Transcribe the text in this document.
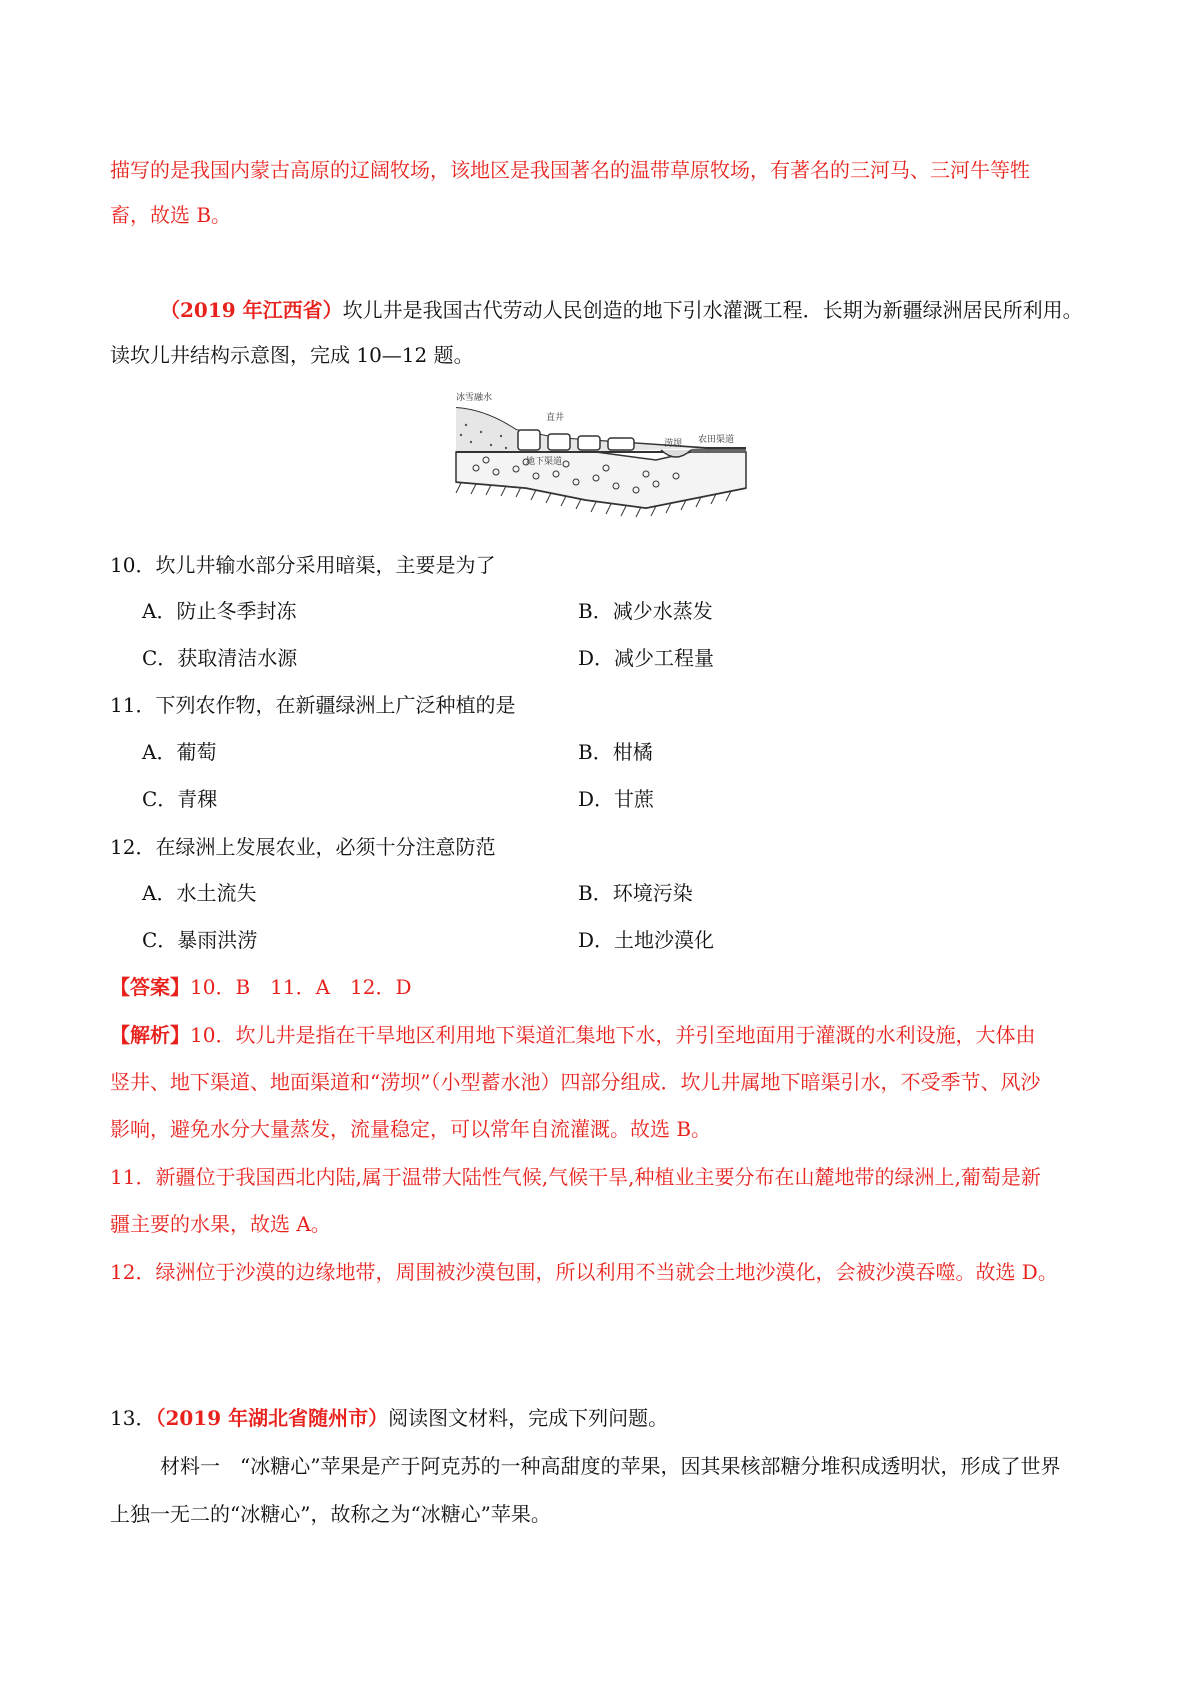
描写的是我国内蒙古高原的辽阔牧场，该地区是我国著名的温带草原牧场，有著名的三河马、三河牛等牲
畜，故选 B。
（2019 年江西省）坎儿井是我国古代劳动人民创造的地下引水灌溉工程．长期为新疆绿洲居民所利用。
读坎儿井结构示意图，完成 10—12 题。
冰雪融水
直井
地下渠道
涝坝 农田渠道
10．坎儿井输水部分采用暗渠，主要是为了
A．防止冬季封冻	B．减少水蒸发
C．获取清洁水源	D．减少工程量
11．下列农作物，在新疆绿洲上广泛种植的是
A．葡萄	B．柑橘
C．青稞	D．甘蔗
12．在绿洲上发展农业，必须十分注意防范
A．水土流失	B．环境污染
C．暴雨洪涝	D．土地沙漠化
【答案】10．B　11．A　12．D
【解析】10．坎儿井是指在干旱地区利用地下渠道汇集地下水，并引至地面用于灌溉的水利设施，大体由
竖井、地下渠道、地面渠道和“涝坝”（小型蓄水池）四部分组成．坎儿井属地下暗渠引水，不受季节、风沙
影响，避免水分大量蒸发，流量稳定，可以常年自流灌溉。故选 B。
11．新疆位于我国西北内陆,属于温带大陆性气候,气候干旱,种植业主要分布在山麓地带的绿洲上,葡萄是新
疆主要的水果，故选 A。
12．绿洲位于沙漠的边缘地带，周围被沙漠包围，所以利用不当就会土地沙漠化，会被沙漠吞噬。故选 D。
13．（2019 年湖北省随州市）阅读图文材料，完成下列问题。
材料一　“冰糖心”苹果是产于阿克苏的一种高甜度的苹果，因其果核部糖分堆积成透明状，形成了世界
上独一无二的“冰糖心”，故称之为“冰糖心”苹果。
